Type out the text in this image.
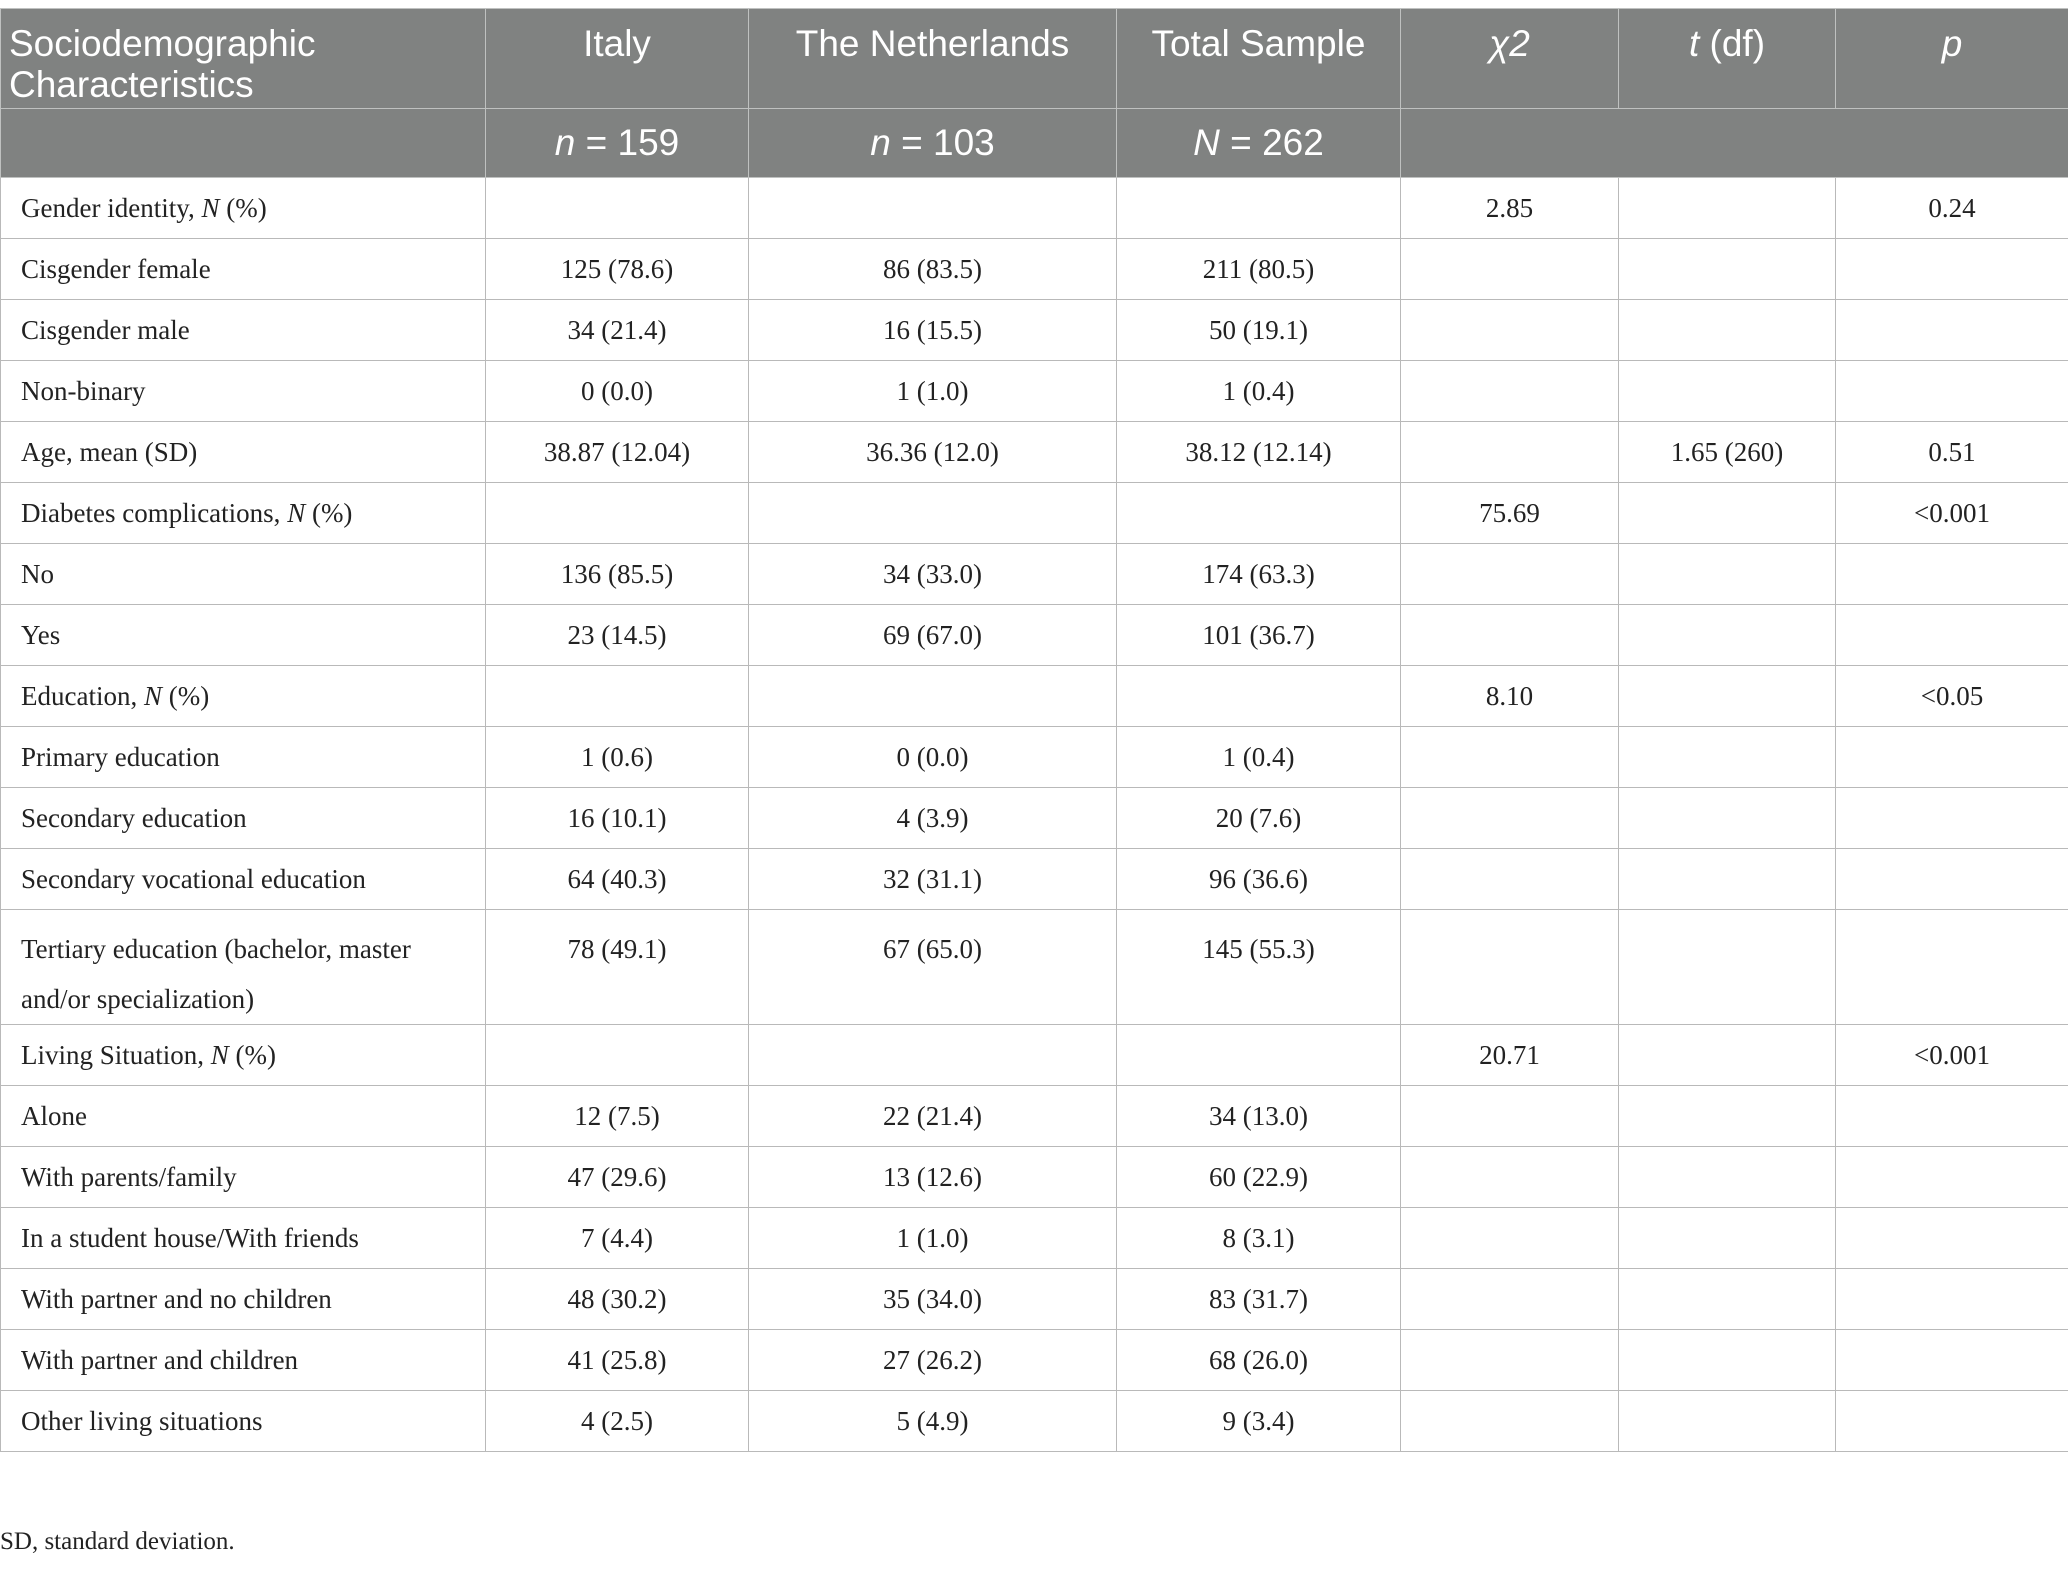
Sociodemographic Characteristics	Italy	The Netherlands	Total Sample	χ2	t (df)	p
	n = 159	n = 103	N = 262			
Gender identity, N (%)				2.85		0.24
Cisgender female	125 (78.6)	86 (83.5)	211 (80.5)			
Cisgender male	34 (21.4)	16 (15.5)	50 (19.1)			
Non-binary	0 (0.0)	1 (1.0)	1 (0.4)			
Age, mean (SD)	38.87 (12.04)	36.36 (12.0)	38.12 (12.14)		1.65 (260)	0.51
Diabetes complications, N (%)				75.69		<0.001
No	136 (85.5)	34 (33.0)	174 (63.3)			
Yes	23 (14.5)	69 (67.0)	101 (36.7)			
Education, N (%)				8.10		<0.05
Primary education	1 (0.6)	0 (0.0)	1 (0.4)			
Secondary education	16 (10.1)	4 (3.9)	20 (7.6)			
Secondary vocational education	64 (40.3)	32 (31.1)	96 (36.6)			
Tertiary education (bachelor, master and/or specialization)	78 (49.1)	67 (65.0)	145 (55.3)			
Living Situation, N (%)				20.71		<0.001
Alone	12 (7.5)	22 (21.4)	34 (13.0)			
With parents/family	47 (29.6)	13 (12.6)	60 (22.9)			
In a student house/With friends	7 (4.4)	1 (1.0)	8 (3.1)			
With partner and no children	48 (30.2)	35 (34.0)	83 (31.7)			
With partner and children	41 (25.8)	27 (26.2)	68 (26.0)			
Other living situations	4 (2.5)	5 (4.9)	9 (3.4)			
SD, standard deviation.
